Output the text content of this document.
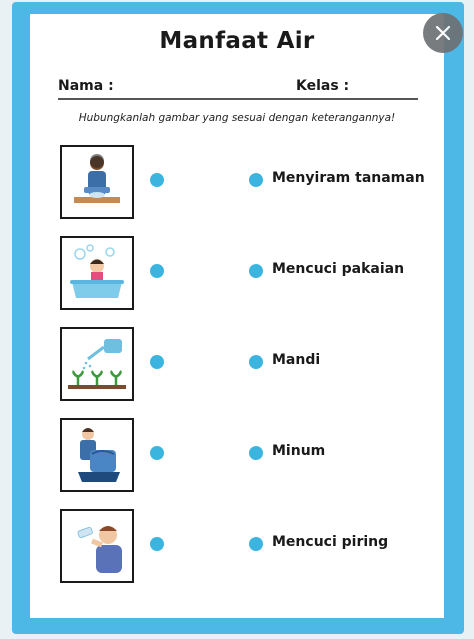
Manfaat Air
Nama :	Kelas :
Hubungkanlah gambar yang sesuai dengan keterangannya!
Menyiram tanaman
Mencuci pakaian
Mandi
Minum
Mencuci piring
